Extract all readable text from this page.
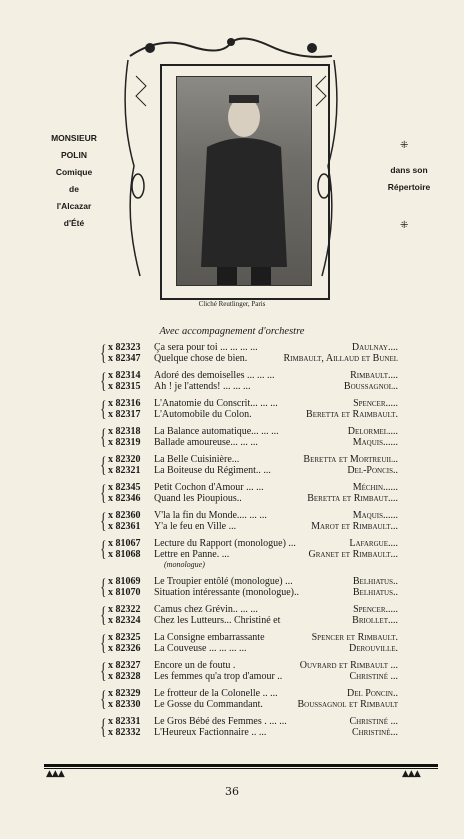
Cliché Reutlinger, Paris
MONSIEUR
POLIN
Comique
de
l'Alcazar
d'Été
dans son
Répertoire
⁜
⁜
Avec accompagnement d'orchestre
{ x 82323	Ça sera pour toi ... ... ... ...	Daulnay....
x 82347	Quelque chose de bien.	Rimbault, Aillaud et Bunel
{ x 82314	Adoré des demoiselles ... ... ...	Rimbault....
x 82315	Ah ! je l'attends! ... ... ...	Boussagnol..
{ x 82316	L'Anatomie du Conscrit... ... ...	Spencer.....
x 82317	L'Automobile du Colon.	Beretta et Raimbault.
{ x 82318	La Balance automatique... ... ...	Delormel....
x 82319	Ballade amoureuse... ... ...	Maquis......
{ x 82320	La Belle Cuisinière...	Beretta et Mortreuil..
x 82321	La Boiteuse du Régiment.. ...	Del-Poncis..
{ x 82345	Petit Cochon d'Amour ... ...	Méchin......
x 82346	Quand les Pioupious..	Beretta et Rimbaut....
{ x 82360	V'la la fin du Monde.... ... ...	Maquis......
x 82361	Y'a le feu en Ville ...	Marot et Rimbault...
{ x 81067	Lecture du Rapport (monologue) ...	Lafargue....
x 81068	Lettre en Panne. ...	Granet et Rimbault...
(monologue)
{ x 81069	Le Troupier entôlé (monologue) ...	Belhiatus..
x 81070	Situation intéressante (monologue)..	Belhiatus..
{ x 82322	Camus chez Grévin.. ... ...	Spencer.....
x 82324	Chez les Lutteurs... Christiné et	Briollet....
{ x 82325	La Consigne embarrassante	Spencer et Rimbault.
x 82326	La Couveuse ... ... ... ...	Derouville.
{ x 82327	Encore un de foutu .	Ouvrard et Rimbault ...
x 82328	Les femmes qu'a trop d'amour ..	Christiné ...
{ x 82329	Le frotteur de la Colonelle .. ...	Del Poncin..
x 82330	Le Gosse du Commandant.	Boussagnol et Rimbault
{ x 82331	Le Gros Bébé des Femmes . ... ...	Christiné ...
x 82332	L'Heureux Factionnaire .. ...	Christiné...
▲▲▲	▲▲▲
36
